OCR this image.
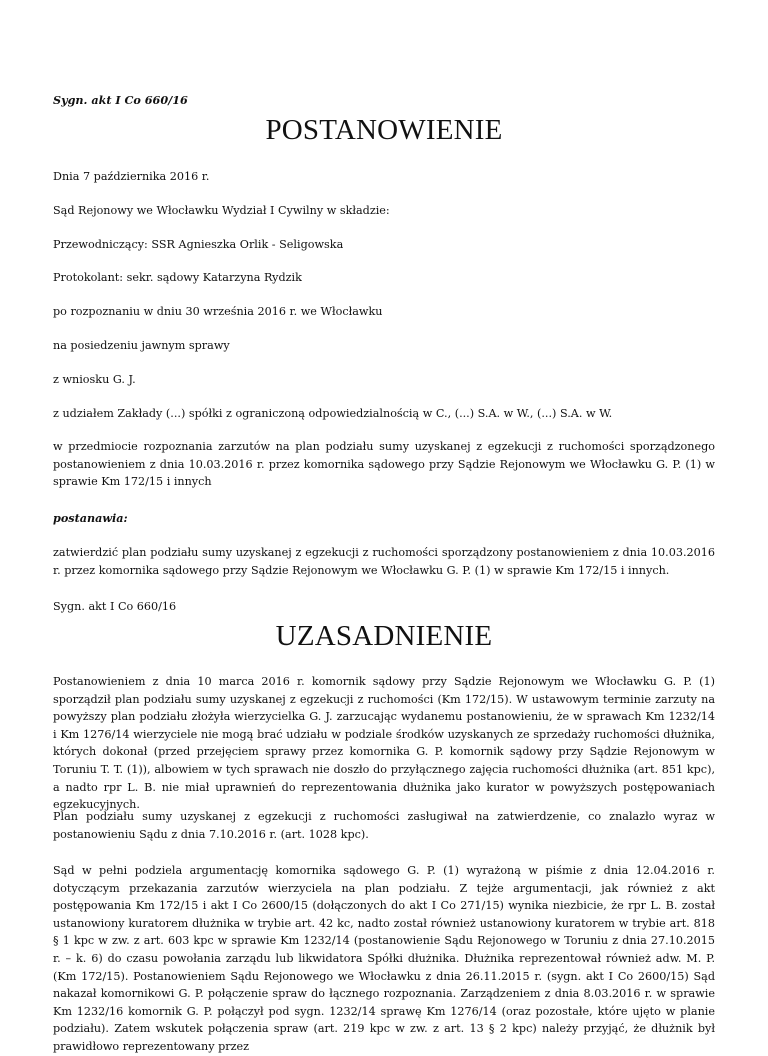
Sygn. akt I Co 660/16
POSTANOWIENIE
Dnia 7 października 2016 r.
Sąd Rejonowy we Włocławku Wydział I Cywilny w składzie:
Przewodniczący: SSR Agnieszka Orlik - Seligowska
Protokolant: sekr. sądowy Katarzyna Rydzik
po rozpoznaniu w dniu 30 września 2016 r. we Włocławku
na posiedzeniu jawnym sprawy
z wniosku G. J.
z udziałem Zakłady (...) spółki z ograniczoną odpowiedzialnością w C., (...) S.A. w W., (...) S.A. w W.

w przedmiocie rozpoznania zarzutów na plan podziału sumy uzyskanej z egzekucji z ruchomości sporządzonego postanowieniem z dnia 10.03.2016 r. przez komornika sądowego przy Sądzie Rejonowym we Włocławku G. P. (1) w sprawie Km 172/15 i innych

postanawia:

zatwierdzić plan podziału sumy uzyskanej z egzekucji z ruchomości sporządzony postanowieniem z dnia 10.03.2016 r. przez komornika sądowego przy Sądzie Rejonowym we Włocławku G. P. (1) w sprawie Km 172/15 i innych.

Sygn. akt I Co 660/16
UZASADNIENIE

Postanowieniem z dnia 10 marca 2016 r. komornik sądowy przy Sądzie Rejonowym we Włocławku G. P. (1) sporządził plan podziału sumy uzyskanej z egzekucji z ruchomości (Km 172/15). W ustawowym terminie zarzuty na powyższy plan podziału złożyła wierzycielka G. J. zarzucając wydanemu postanowieniu, że w sprawach Km 1232/14 i Km 1276/14 wierzyciele nie mogą brać udziału w podziale środków uzyskanych ze sprzedaży ruchomości dłużnika, których dokonał (przed przejęciem sprawy przez komornika G. P. komornik sądowy przy Sądzie Rejonowym w Toruniu T. T. (1)), albowiem w tych sprawach nie doszło do przyłącznego zajęcia ruchomości dłużnika (art. 851 kpc), a nadto rpr L. B. nie miał uprawnień do reprezentowania dłużnika jako kurator w powyższych postępowaniach egzekucyjnych.

Plan podziału sumy uzyskanej z egzekucji z ruchomości zasługiwał na zatwierdzenie, co znalazło wyraz w postanowieniu Sądu z dnia 7.10.2016 r. (art. 1028 kpc).

Sąd w pełni podziela argumentację komornika sądowego G. P. (1) wyrażoną w piśmie z dnia 12.04.2016 r. dotyczącym przekazania zarzutów wierzyciela na plan podziału. Z tejże argumentacji, jak również z akt postępowania Km 172/15 i akt I Co 2600/15 (dołączonych do akt I Co 271/15) wynika niezbicie, że rpr L. B. został ustanowiony kuratorem dłużnika w trybie art. 42 kc, nadto został również ustanowiony kuratorem w trybie art. 818 § 1 kpc w zw. z art. 603 kpc w sprawie Km 1232/14 (postanowienie Sądu Rejonowego w Toruniu z dnia 27.10.2015 r. – k. 6) do czasu powołania zarządu lub likwidatora Spółki dłużnika. Dłużnika reprezentował również adw. M. P. (Km 172/15). Postanowieniem Sądu Rejonowego we Włocławku z dnia 26.11.2015 r. (sygn. akt I Co 2600/15) Sąd nakazał komornikowi G. P. połączenie spraw do łącznego rozpoznania. Zarządzeniem z dnia 8.03.2016 r. w sprawie Km 1232/16 komornik G. P. połączył pod sygn. 1232/14 sprawę Km 1276/14 (oraz pozostałe, które ujęto w planie podziału). Zatem wskutek połączenia spraw (art. 219 kpc w zw. z art. 13 § 2 kpc) należy przyjąć, że dłużnik był prawidłowo reprezentowany przez
